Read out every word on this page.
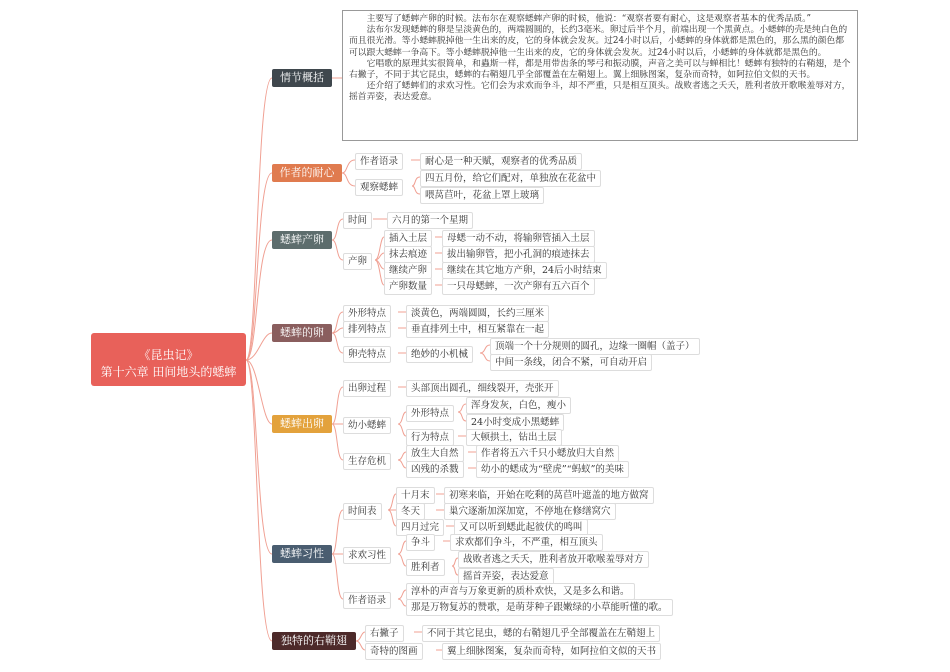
《昆虫记》
第十六章 田间地头的蟋蟀
情节概括
作者的耐心
蟋蟀产卵
蟋蟀的卵
蟋蟀出卵
蟋蟀习性
独特的右鞘翅

主要写了蟋蟀产卵的时候。法布尔在观察蟋蟀产卵的时候，他说：“观察者要有耐心，这是观察者基本的优秀品质。”

法布尔发现蟋蟀的卵是呈淡黄色的，两端圆圆的，长约3毫米。卵过后半个月，前端出现一个黑黄点。小蟋蟀的壳是纯白色的而且很光滑。等小蟋蟀脱掉他一生出来的皮，它的身体就会发灰。过24小时以后，小蟋蟀的身体就都是黑色的，那么黑的颜色都可以跟大蟋蟀一争高下。等小蟋蟀脱掉他一生出来的皮，它的身体就会发灰。过24小时以后，小蟋蟀的身体就都是黑色的。

它唱歌的原理其实很简单，和蟲斯一样，都是用带齿条的琴弓和振动膜，声音之美可以与蝉相比！蟋蟀有独特的右鞘翅，是个右撇子，不同于其它昆虫，蟋蟀的右鞘翅几乎全部覆盖在左鞘翅上。翼上细脉图案，复杂而奇特，如阿拉伯文似的天书。

还介绍了蟋蟀们的求欢习性。它们会为求欢而争斗，却不严重，只是相互顶头。战败者逃之夭夭，胜利者放开歌喉羞辱对方，摇首弄姿，表达爱意。

作者语录	耐心是一种天赋，观察者的优秀品质
观察蟋蟀
四五月份，给它们配对，单独放在花盆中
喂莴苣叶，花盆上罩上玻璃
时间	六月的第一个星期
产卵
插入土层	母蟋一动不动，将输卵管插入土层
抹去痕迹	拔出输卵管，把小孔洞的痕迹抹去
继续产卵	继续在其它地方产卵，24后小时结束
产卵数量	一只母蟋蟀，一次产卵有五六百个
外形特点	淡黄色，两端圆圆，长约三厘米
排列特点	垂直排列土中，相互紧靠在一起
卵壳特点	绝妙的小机械
顶端一个十分规则的圆孔，边缘一圈帽（盖子）
中间一条线，闭合不紧，可自动开启
出卵过程	头部顶出圆孔，细线裂开，壳张开
幼小蟋蟀
外形特点
浑身发灰，白色，瘦小
24小时变成小黑蟋蟀
行为特点	大顿拱土，钻出土层
生存危机
放生大自然	作者将五六千只小蟋放归大自然
凶残的杀戮	幼小的蟋成为“壁虎”“蚂蚁”的美味
时间表
十月末	初寒来临，开始在吃剩的莴苣叶遮盖的地方做窝
冬天	巢穴逐渐加深加宽，不停地在修缮窝穴
四月过完	又可以听到蟋此起彼伏的鸣叫
求欢习性
争斗	求欢都们争斗，不严重，相互顶头
胜利者
战败者逃之夭夭，胜利者放开歌喉羞辱对方
摇首弄姿，表达爱意
作者语录
淳朴的声音与万象更新的质朴欢快，又是多么和谐。
那是万物复苏的赞歌，是萌芽种子跟嫩绿的小草能听懂的歌。
右撇子	不同于其它昆虫，蟋的右鞘翅几乎全部覆盖在左鞘翅上
奇特的图画	翼上细脉图案，复杂而奇特，如阿拉伯文似的天书
